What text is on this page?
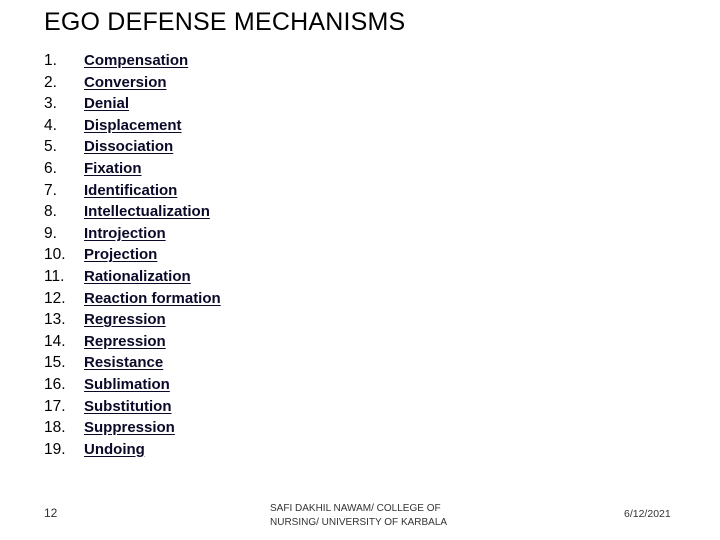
EGO DEFENSE MECHANISMS
1. Compensation
2. Conversion
3. Denial
4. Displacement
5. Dissociation
6. Fixation
7. Identification
8. Intellectualization
9. Introjection
10. Projection
11. Rationalization
12. Reaction formation
13. Regression
14. Repression
15. Resistance
16. Sublimation
17. Substitution
18. Suppression
19. Undoing
12	SAFI DAKHIL NAWAM/ COLLEGE OF
NURSING/ UNIVERSITY OF KARBALA
6/12/2021
